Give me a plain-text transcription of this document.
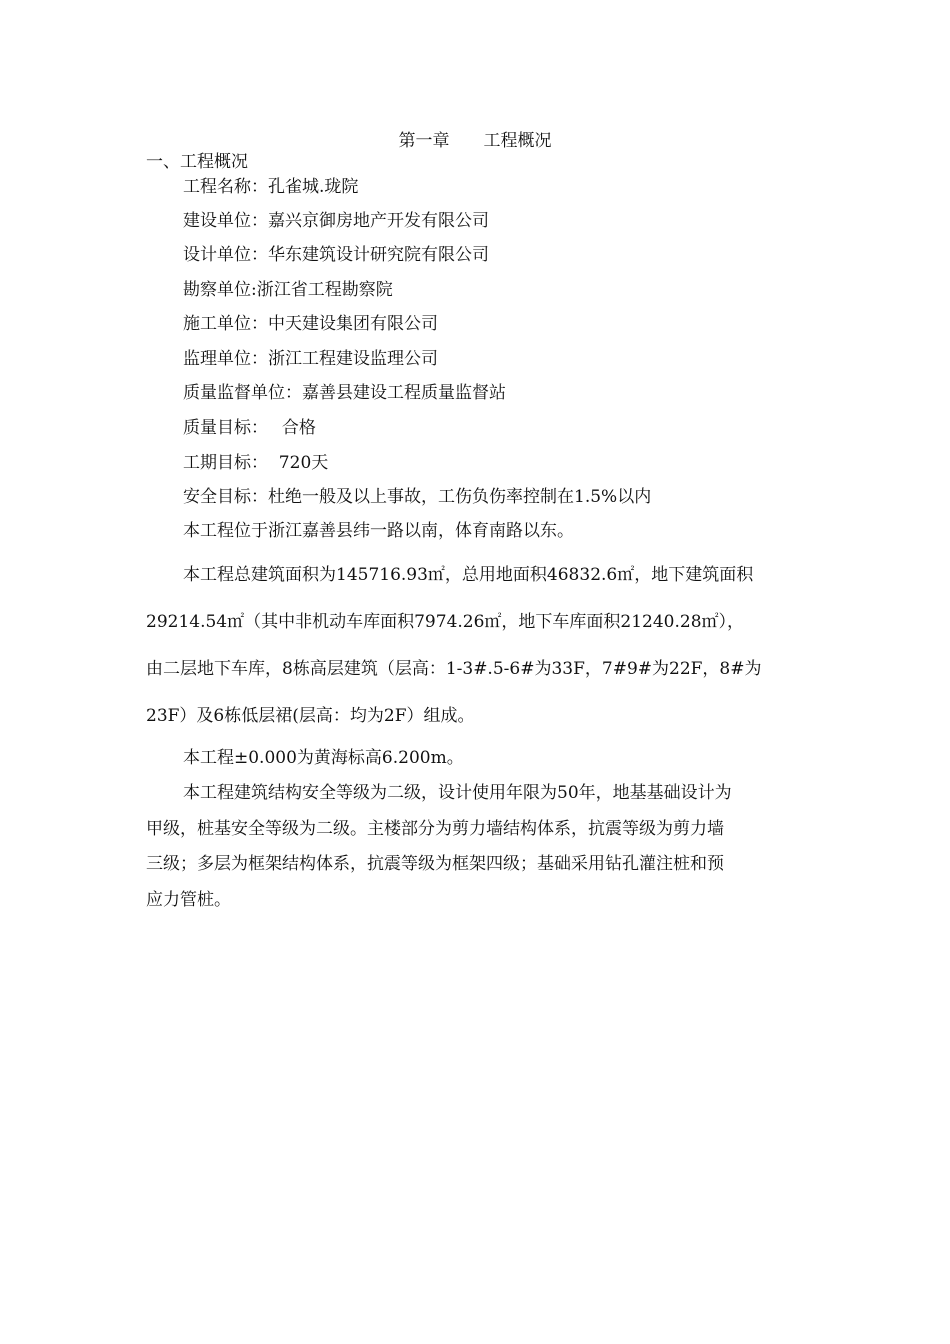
第一章　　工程概况
一、工程概况
工程名称：孔雀城.珑院
建设单位：嘉兴京御房地产开发有限公司
设计单位：华东建筑设计研究院有限公司
勘察单位:浙江省工程勘察院
施工单位：中天建设集团有限公司
监理单位：浙江工程建设监理公司
质量监督单位：嘉善县建设工程质量监督站
质量目标：　 合格
工期目标：  720天
安全目标：杜绝一般及以上事故，工伤负伤率控制在1.5%以内
本工程位于浙江嘉善县纬一路以南，体育南路以东。
本工程总建筑面积为145716.93㎡，总用地面积46832.6㎡，地下建筑面积
29214.54㎡（其中非机动车库面积7974.26㎡，地下车库面积21240.28㎡），
由二层地下车库，8栋高层建筑（层高：1-3#.5-6#为33F，7#9#为22F，8#为
23F）及6栋低层裙(层高：均为2F）组成。
本工程±0.000为黄海标高6.200m。
本工程建筑结构安全等级为二级，设计使用年限为50年，地基基础设计为
甲级，桩基安全等级为二级。主楼部分为剪力墙结构体系，抗震等级为剪力墙
三级；多层为框架结构体系，抗震等级为框架四级；基础采用钻孔灌注桩和预
应力管桩。
